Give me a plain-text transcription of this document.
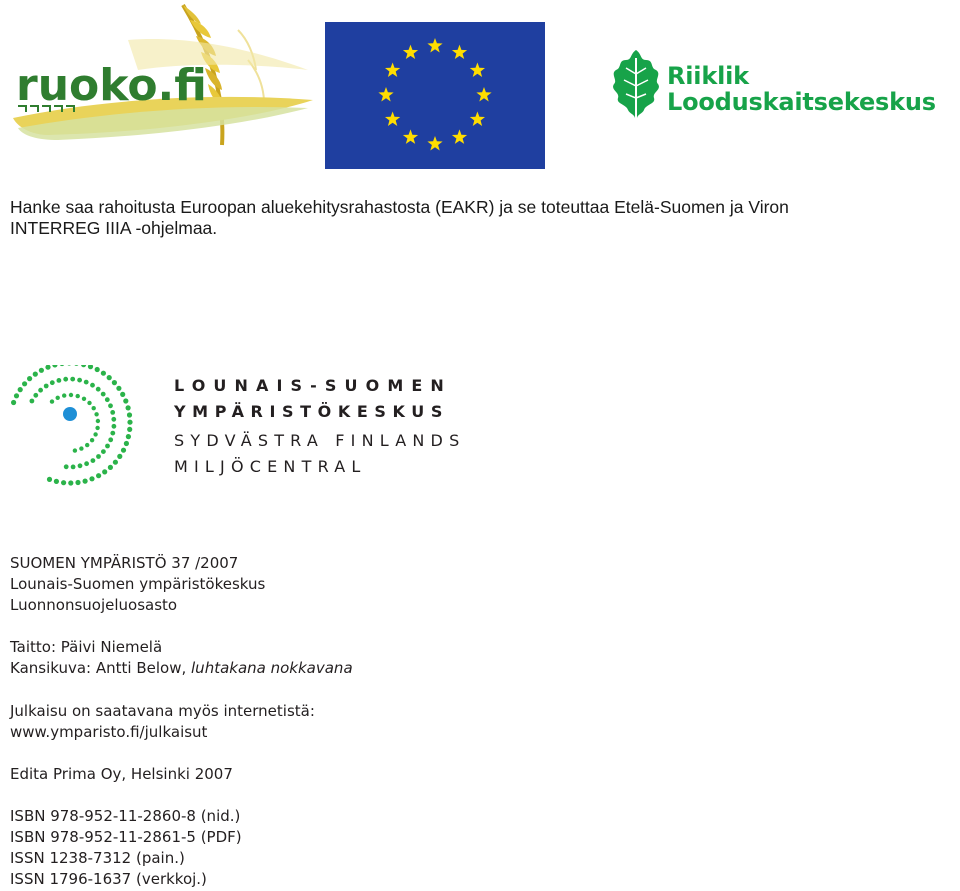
ruoko.fi	Riiklik
Looduskaitsekeskus
Hanke saa rahoitusta Euroopan aluekehitysrahastosta (EAKR) ja se toteuttaa Etelä-Suomen ja Viron INTERREG IIIA -ohjelmaa.
LOUNAIS-SUOMEN
YMPÄRISTÖKESKUS
SYDVÄSTRA FINLANDS
MILJÖCENTRAL
SUOMEN YMPÄRISTÖ 37 /2007
Lounais-Suomen ympäristökeskus
Luonnonsuojeluosasto
Taitto: Päivi Niemelä
Kansikuva: Antti Below, luhtakana nokkavana
Julkaisu on saatavana myös internetistä:
www.ymparisto.fi/julkaisut
Edita Prima Oy, Helsinki 2007
ISBN 978-952-11-2860-8 (nid.)
ISBN 978-952-11-2861-5 (PDF)
ISSN 1238-7312 (pain.)
ISSN 1796-1637 (verkkoj.)
